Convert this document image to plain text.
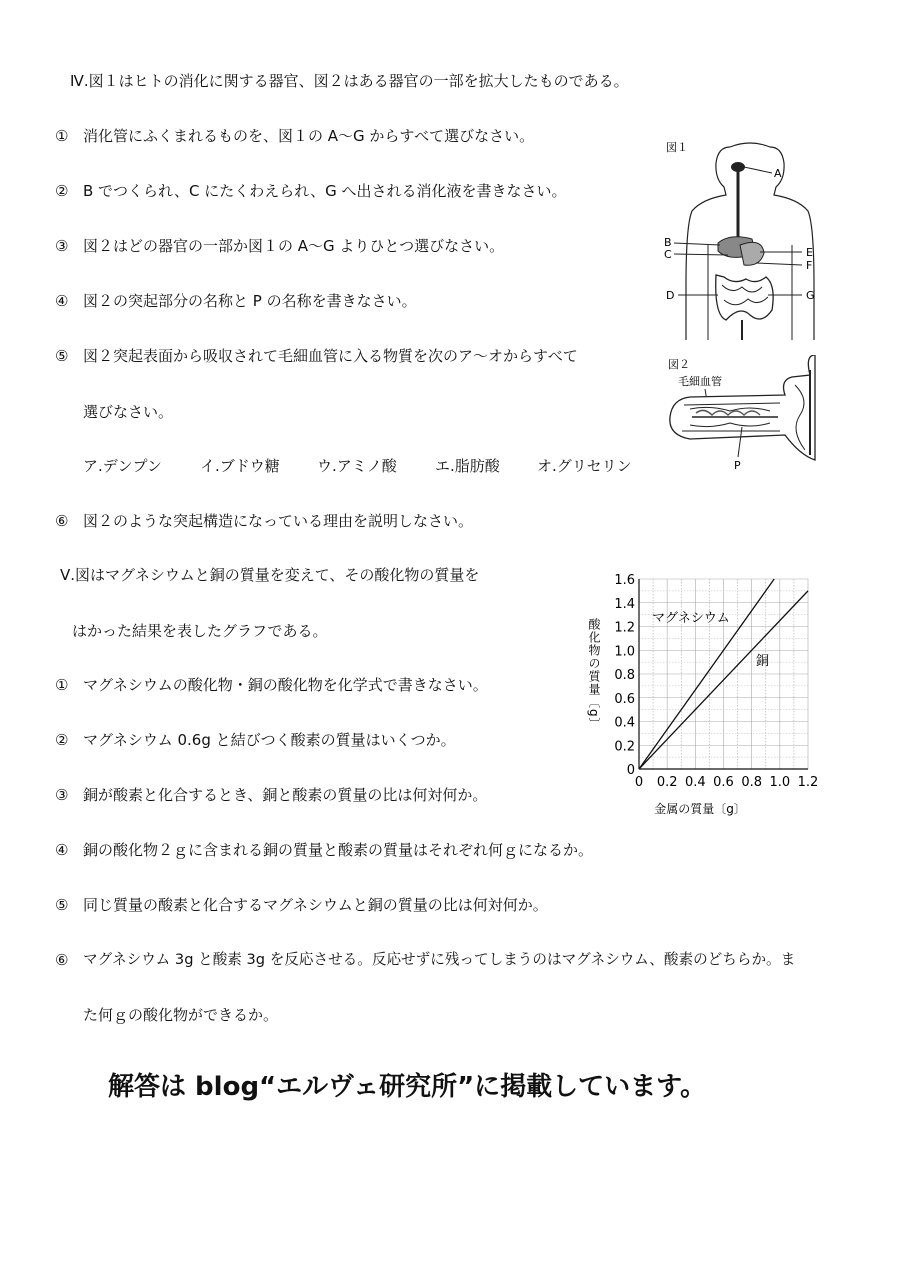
Ⅳ.図１はヒトの消化に関する器官、図２はある器官の一部を拡大したものである。
① 消化管にふくまれるものを、図１の A～G からすべて選びなさい。
② B でつくられ、C にたくわえられ、G へ出される消化液を書きなさい。
③ 図２はどの器官の一部か図１の A～G よりひとつ選びなさい。
④ 図２の突起部分の名称と P の名称を書きなさい。
⑤ 図２突起表面から吸収されて毛細血管に入る物質を次のア～オからすべて
選びなさい。
ア.デンプン	イ.ブドウ糖 ウ.アミノ酸	エ.脂肪酸 オ.グリセリン
⑥ 図２のような突起構造になっている理由を説明しなさい。
図１
A
B
C
D
E
F
G
図２
毛細血管
P
Ⅴ.図はマグネシウムと銅の質量を変えて、その酸化物の質量を
はかった結果を表したグラフである。
① マグネシウムの酸化物・銅の酸化物を化学式で書きなさい。
② マグネシウム 0.6g と結びつく酸素の質量はいくつか。
③ 銅が酸素と化合するとき、銅と酸素の質量の比は何対何か。
④ 銅の酸化物２ｇに含まれる銅の質量と酸素の質量はそれぞれ何ｇになるか。
⑤ 同じ質量の酸素と化合するマグネシウムと銅の質量の比は何対何か。
⑥ マグネシウム 3g と酸素 3g を反応させる。反応せずに残ってしまうのはマグネシウム、酸素のどちらか。ま
た何ｇの酸化物ができるか。
0 0.2 0.4 0.6 0.8 1.0 1.2
0
0.2
0.4
0.6
0.8
1.0
1.2
1.4
1.6
金属の質量〔g〕
酸化物の質量〔g〕	マグネシウム
銅
解答は blog“エルヴェ研究所”に掲載しています。
